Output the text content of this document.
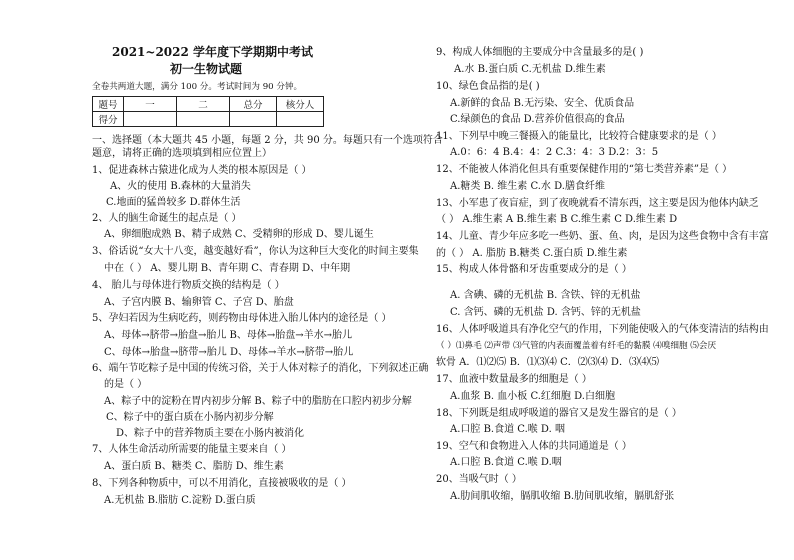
2021~2022 学年度下学期期中考试
初一生物试题
全卷共两道大题，满分 100 分。考试时间为 90 分钟。
题号	一	二	总分	核分人
得分				
一、选择题（本大题共 45 小题，每题 2 分，共 90 分。每题只有一个选项符合
题意，请将正确的选项填到相应位置上）
1、促进森林古猿进化成为人类的根本原因是（ ）
A、火的使用 B.森林的大量消失
C.地面的猛兽较多 D.群体生活
2、人的脑生命诞生的起点是（ ）
A、卵细胞成熟 B、精子成熟 C、受精卵的形成 D、婴儿诞生
3、俗话说“女大十八变，越变越好看”，你认为这种巨大变化的时间主要集
中在（ ） A、婴儿期 B、青年期 C、青春期 D、中年期
4、 胎儿与母体进行物质交换的结构是（ ）
A、子宫内膜 B、输卵管 C、子宫 D、胎盘
5、孕妇若因为生病吃药，则药物由母体进入胎儿体内的途径是（ ）
A、母体→脐带→胎盘→胎儿 B、母体→胎盘→羊水→胎儿
C、母体→胎盘→脐带→胎儿 D、母体→羊水→脐带→胎儿
6、端午节吃粽子是中国的传统习俗，关于人体对粽子的消化，下列叙述正确
的是（ ）
A、粽子中的淀粉在胃内初步分解 B、粽子中的脂肪在口腔内初步分解
C、粽子中的蛋白质在小肠内初步分解
D、粽子中的营养物质主要在小肠内被消化
7、人体生命活动所需要的能量主要来自（ ）
A、蛋白质 B、糖类 C、脂肪 D、维生素
8、下列各种物质中，可以不用消化，直接被吸收的是（ ）
A.无机盐 B.脂肪 C.淀粉 D.蛋白质
9、构成人体细胞的主要成分中含量最多的是( )
A.水 B.蛋白质 C.无机盐 D.维生素
10、绿色食品指的是( )
A.新鲜的食品 B.无污染、安全、优质食品
C.绿颜色的食品 D.营养价值很高的食品
11、下列早中晚三餐摄入的能量比，比较符合健康要求的是（ ）
A.0：6：4 B.4：4：2 C.3：4：3 D.2：3：5
12、不能被人体消化但具有重要保健作用的“第七类营养素”是（ ）
A.糖类 B. 维生素 C.水 D.膳食纤维
13、小军患了夜盲症，到了夜晚就看不清东西，这主要是因为他体内缺乏
（ ） A.维生素 A B.维生素 B C.维生素 C D.维生素 D
14、儿童、青少年应多吃一些奶、蛋、鱼、肉，是因为这些食物中含有丰富
的（ ） A. 脂肪 B.糖类 C.蛋白质 D.维生素
15、构成人体骨骼和牙齿重要成分的是（ ）
A. 含碘、磷的无机盐 B. 含铁、锌的无机盐
C. 含钙、磷的无机盐 D. 含钙、锌的无机盐
16、人体呼吸道具有净化空气的作用，下列能使吸入的气体变清洁的结构由
（ ）⑴鼻毛 ⑵声带 ⑶气管的内表面覆盖着有纤毛的黏膜 ⑷嗅细胞 ⑸会厌
软骨 A．⑴⑵⑸ B．⑴⑶⑷ C．⑵⑶⑷ D．⑶⑷⑸
17、血液中数量最多的细胞是（ ）
A.血浆 B. 血小板 C.红细胞 D.白细胞
18、下列既是组成呼吸道的器官又是发生器官的是（ ）
A.口腔 B.食道 C.喉 D. 咽
19、空气和食物进入人体的共同通道是（ ）
A.口腔 B.食道 C.喉 D.咽
20、当吸气时（ ）
A.肋间肌收缩，膈肌收缩 B.肋间肌收缩，膈肌舒张
